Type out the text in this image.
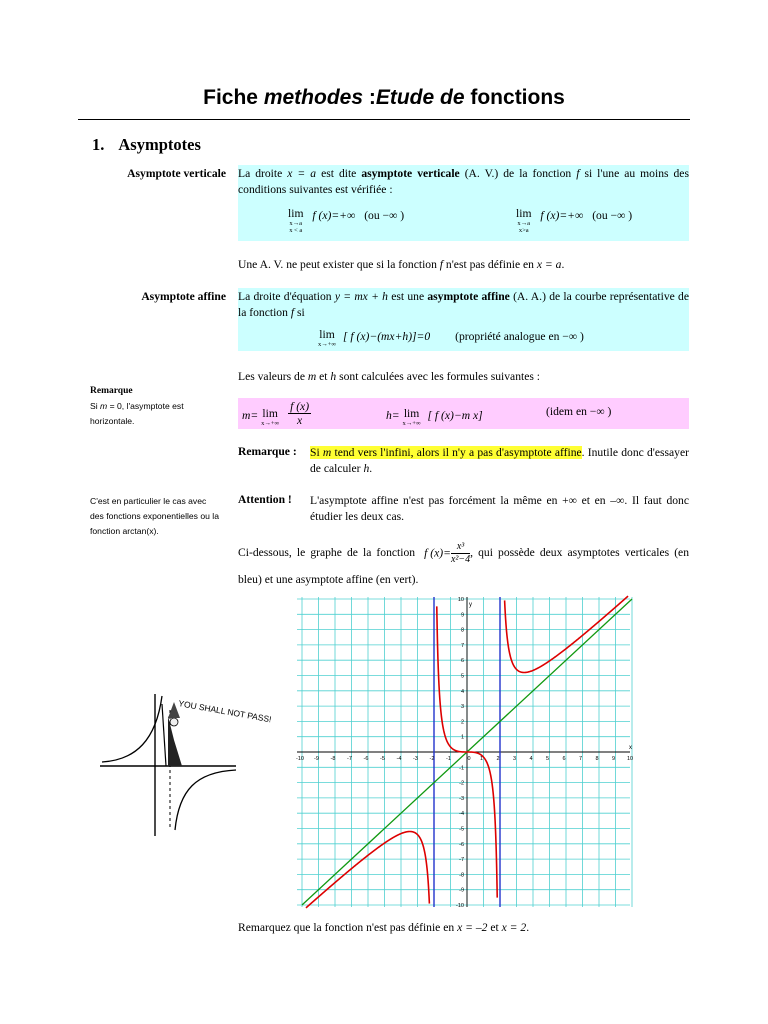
Fiche methodes :Etude de fonctions
1. Asymptotes
Asymptote verticale La droite x = a est dite asymptote verticale (A. V.) de la fonction f si l'une au moins des conditions suivantes est vérifiée :
lim
x→a
x < a
f (x)=+∞ (ou −∞ )	lim
x→a
x>a
f (x)=+∞ (ou −∞ )
Une A. V. ne peut exister que si la fonction f n'est pas définie en x = a.
Asymptote affine La droite d'équation y = mx + h est une asymptote affine (A. A.) de la courbe représentative de la fonction f si
lim
x→+∞
[ f (x)−(mx+h)]=0 (propriété analogue en −∞ )
Les valeurs de m et h sont calculées avec les formules suivantes :
m= lim
x→+∞
$\frac{f (x)}{x}$	h= lim
x→+∞
[ f (x)−m x]	(idem en −∞ )
Remarque
Si m = 0, l'asymptote est horizontale.
Remarque : Si m tend vers l'infini, alors il n'y a pas d'asymptote affine. Inutile donc d'essayer de calculer h.
C'est en particulier le cas avec des fonctions exponentielles ou la fonction arctan(x).
Attention ! L'asymptote affine n'est pas forcément la même en +∞ et en –∞. Il faut donc étudier les deux cas.
Ci-dessous, le graphe de la fonction f $(x)= \frac{\text{x³}}{\text{x²−4}}$ , qui possède deux asymptotes verticales (en bleu) et une asymptote affine (en vert).
YOU SHALL NOT PASS!
-10 -9 -8 -7 -6 -5 -4 -3 -2 -1	0 1 2 3 4 5 6 7 8 9 10
10
9
8
7
6
5
4
3
2
1
-1
-2
-3
-4
-5
-6
-7
-8
-9
-10
y
x
Remarquez que la fonction n'est pas définie en x = –2 et x = 2.
